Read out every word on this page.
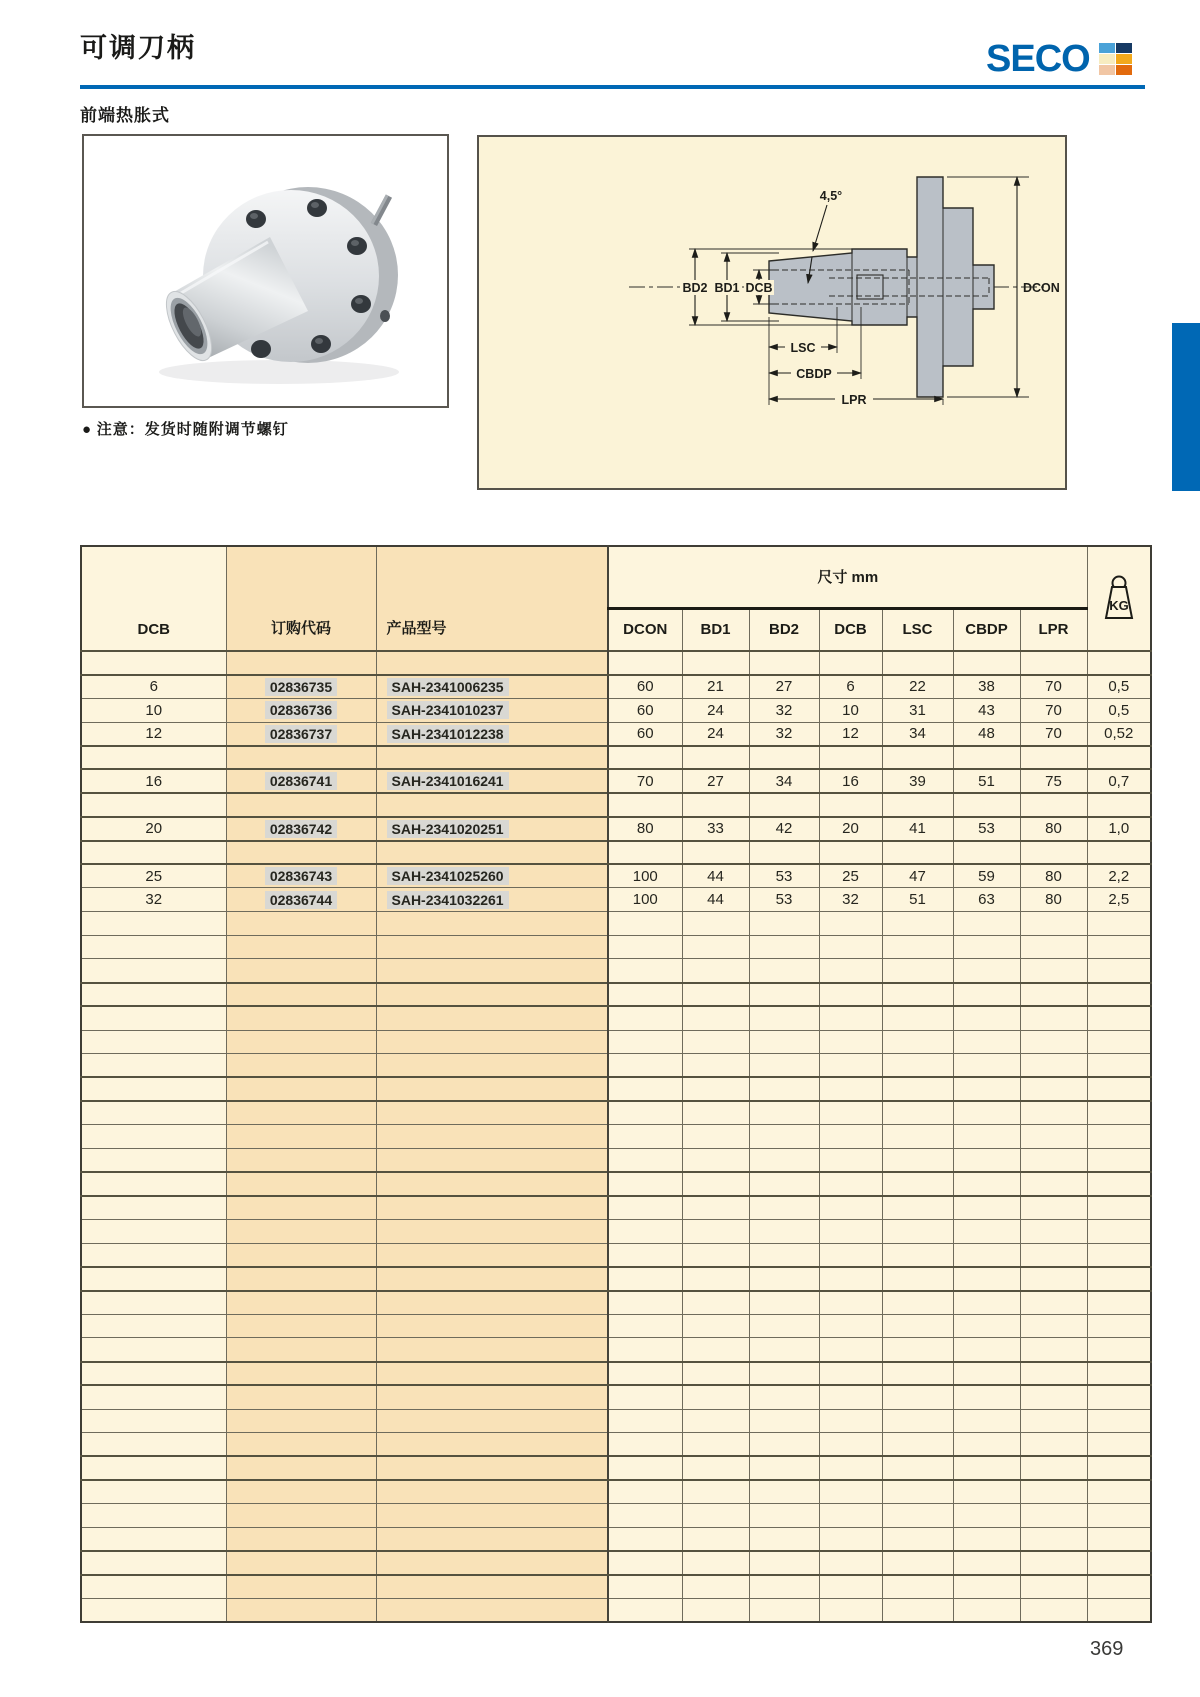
可调刀柄	SECO
前端热胀式
● 注意：发货时随附调节螺钉
BD2 BD1 DCB
4,5°
DCON
LSC
CBDP
LPR
DCB	订购代码	产品型号	尺寸 mm							KG

			DCON	BD1	BD2	DCB	LSC	CBDP	LPR	

6	02836735	SAH-2341006235	60	21	27	6	22	38	70	0,5
10	02836736	SAH-2341010237	60	24	32	10	31	43	70	0,5
12	02836737	SAH-2341012238	60	24	32	12	34	48	70	0,52

16	02836741	SAH-2341016241	70	27	34	16	39	51	75	0,7

20	02836742	SAH-2341020251	80	33	42	20	41	53	80	1,0

25	02836743	SAH-2341025260	100	44	53	25	47	59	80	2,2
32	02836744	SAH-2341032261	100	44	53	32	51	63	80	2,5

369
